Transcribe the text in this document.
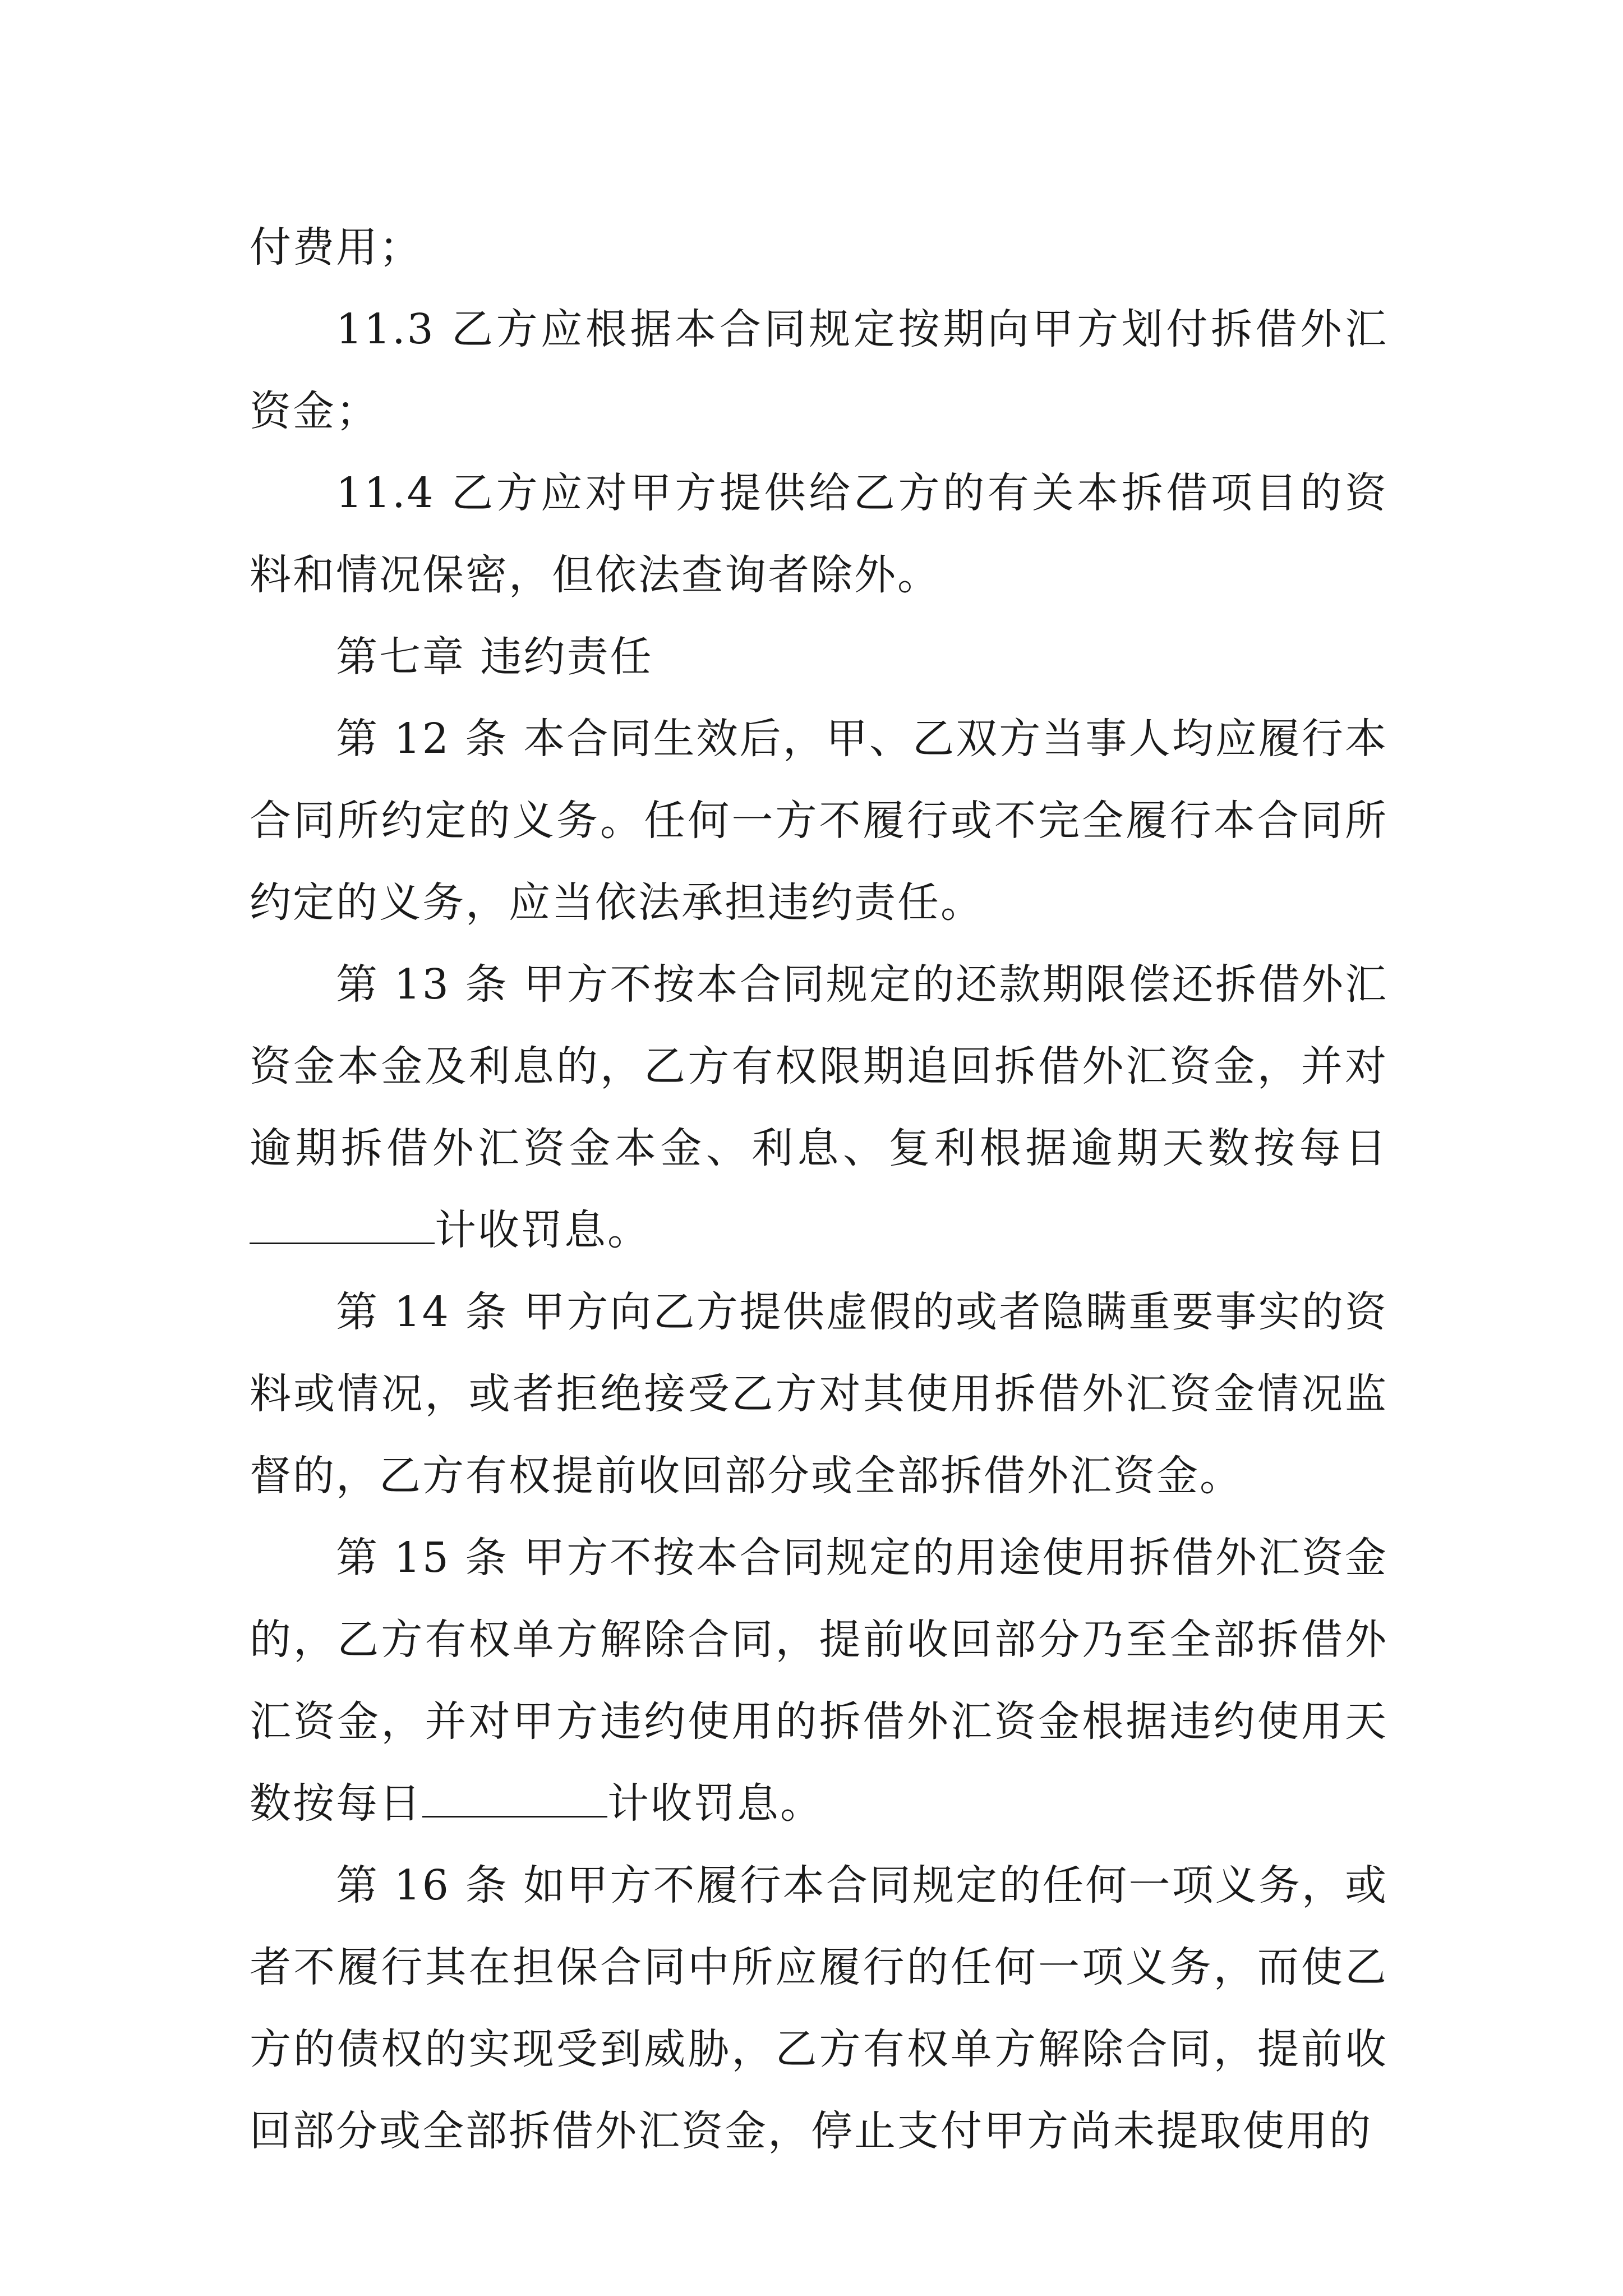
付费用；

11.3 乙方应根据本合同规定按期向甲方划付拆借外汇资金；

11.4 乙方应对甲方提供给乙方的有关本拆借项目的资料和情况保密，但依法查询者除外。

第七章 违约责任

第 12 条 本合同生效后，甲、乙双方当事人均应履行本合同所约定的义务。任何一方不履行或不完全履行本合同所约定的义务，应当依法承担违约责任。

第 13 条 甲方不按本合同规定的还款期限偿还拆借外汇资金本金及利息的，乙方有权限期追回拆借外汇资金，并对逾期拆借外汇资金本金、利息、复利根据逾期天数按每日计收罚息。

第 14 条 甲方向乙方提供虚假的或者隐瞒重要事实的资料或情况，或者拒绝接受乙方对其使用拆借外汇资金情况监督的，乙方有权提前收回部分或全部拆借外汇资金。

第 15 条 甲方不按本合同规定的用途使用拆借外汇资金的，乙方有权单方解除合同，提前收回部分乃至全部拆借外汇资金，并对甲方违约使用的拆借外汇资金根据违约使用天数按每日	计收罚息。

第 16 条 如甲方不履行本合同规定的任何一项义务，或者不履行其在担保合同中所应履行的任何一项义务，而使乙方的债权的实现受到威胁，乙方有权单方解除合同，提前收回部分或全部拆借外汇资金，停止支付甲方尚未提取使用的
